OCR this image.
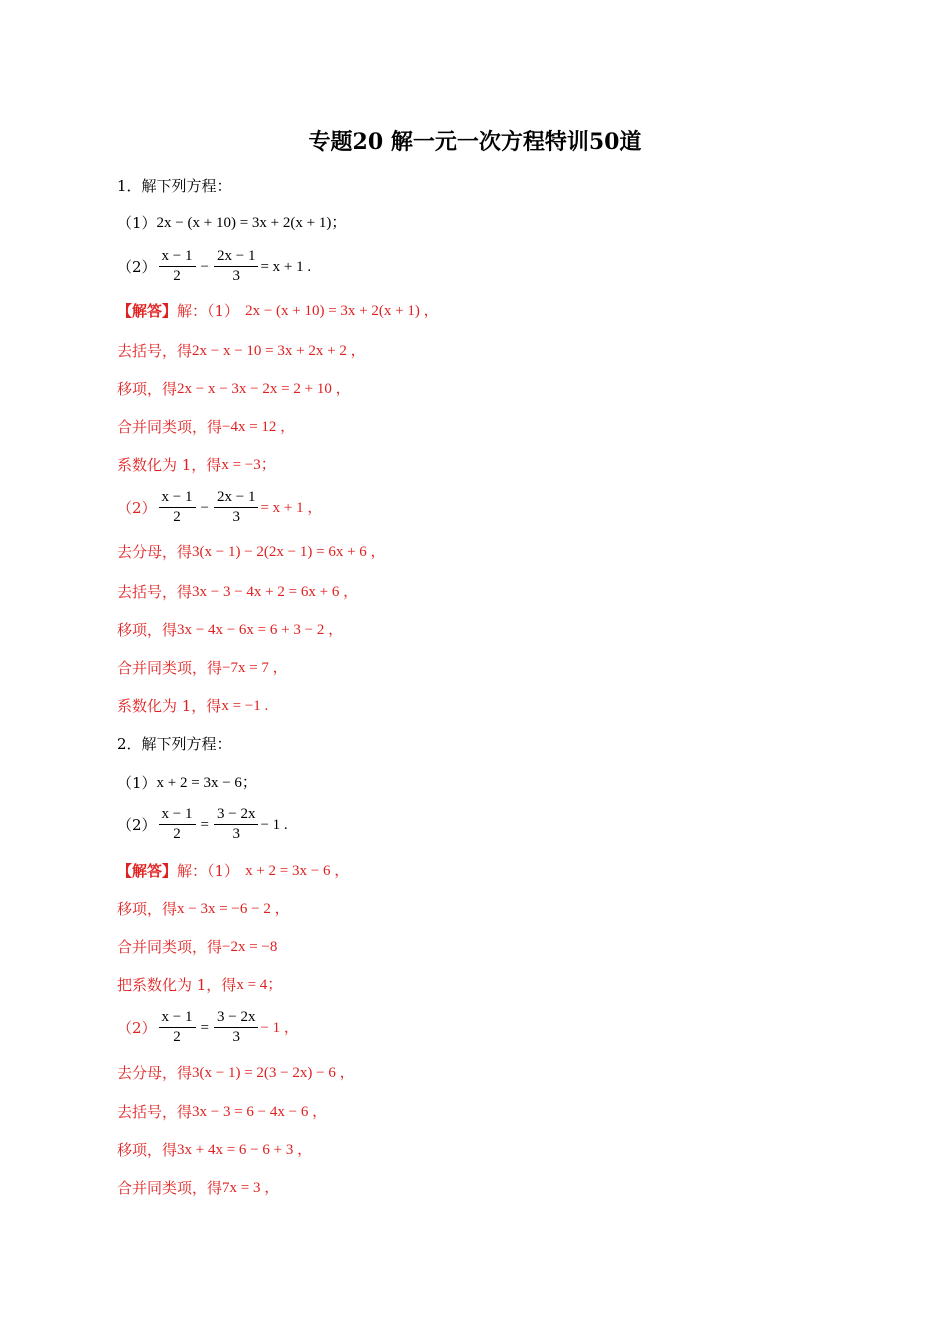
专题20 解一元一次方程特训50道
1．解下列方程：
（1） 2x − (x + 10) = 3x + 2(x + 1)；
$(2) \frac{x - 1}{2} - \frac{2x - 1}{3} = x + 1$ .
【解答】 解：（1） 2x − (x + 10) = 3x + 2(x + 1) ，
去括号，得 2x − x − 10 = 3x + 2x + 2 ，
移项，得 2x − x − 3x − 2x = 2 + 10 ，
合并同类项，得 −4x = 12 ，
系数化为 1，得 x = −3；
$(2) \frac{x - 1}{2} - \frac{2x - 1}{3} = x + 1$ ，
去分母，得 3(x − 1) − 2(2x − 1) = 6x + 6 ，
去括号，得 3x − 3 − 4x + 2 = 6x + 6 ，
移项，得 3x − 4x − 6x = 6 + 3 − 2 ，
合并同类项，得 −7x = 7 ，
系数化为 1，得 x = −1 .
2．解下列方程：
（1） x + 2 = 3x − 6；
$(2) \frac{x - 1}{2} = \frac{3 - 2x}{3} - 1$ .
【解答】 解：（1） x + 2 = 3x − 6 ，
移项，得 x − 3x = −6 − 2 ，
合并同类项，得 −2x = −8
把系数化为 1，得 x = 4；
$(2) \frac{x - 1}{2} = \frac{3 - 2x}{3} - 1$ ，
去分母，得 3(x − 1) = 2(3 − 2x) − 6 ，
去括号，得 3x − 3 = 6 − 4x − 6 ，
移项，得 3x + 4x = 6 − 6 + 3 ，
合并同类项，得 7x = 3 ，
